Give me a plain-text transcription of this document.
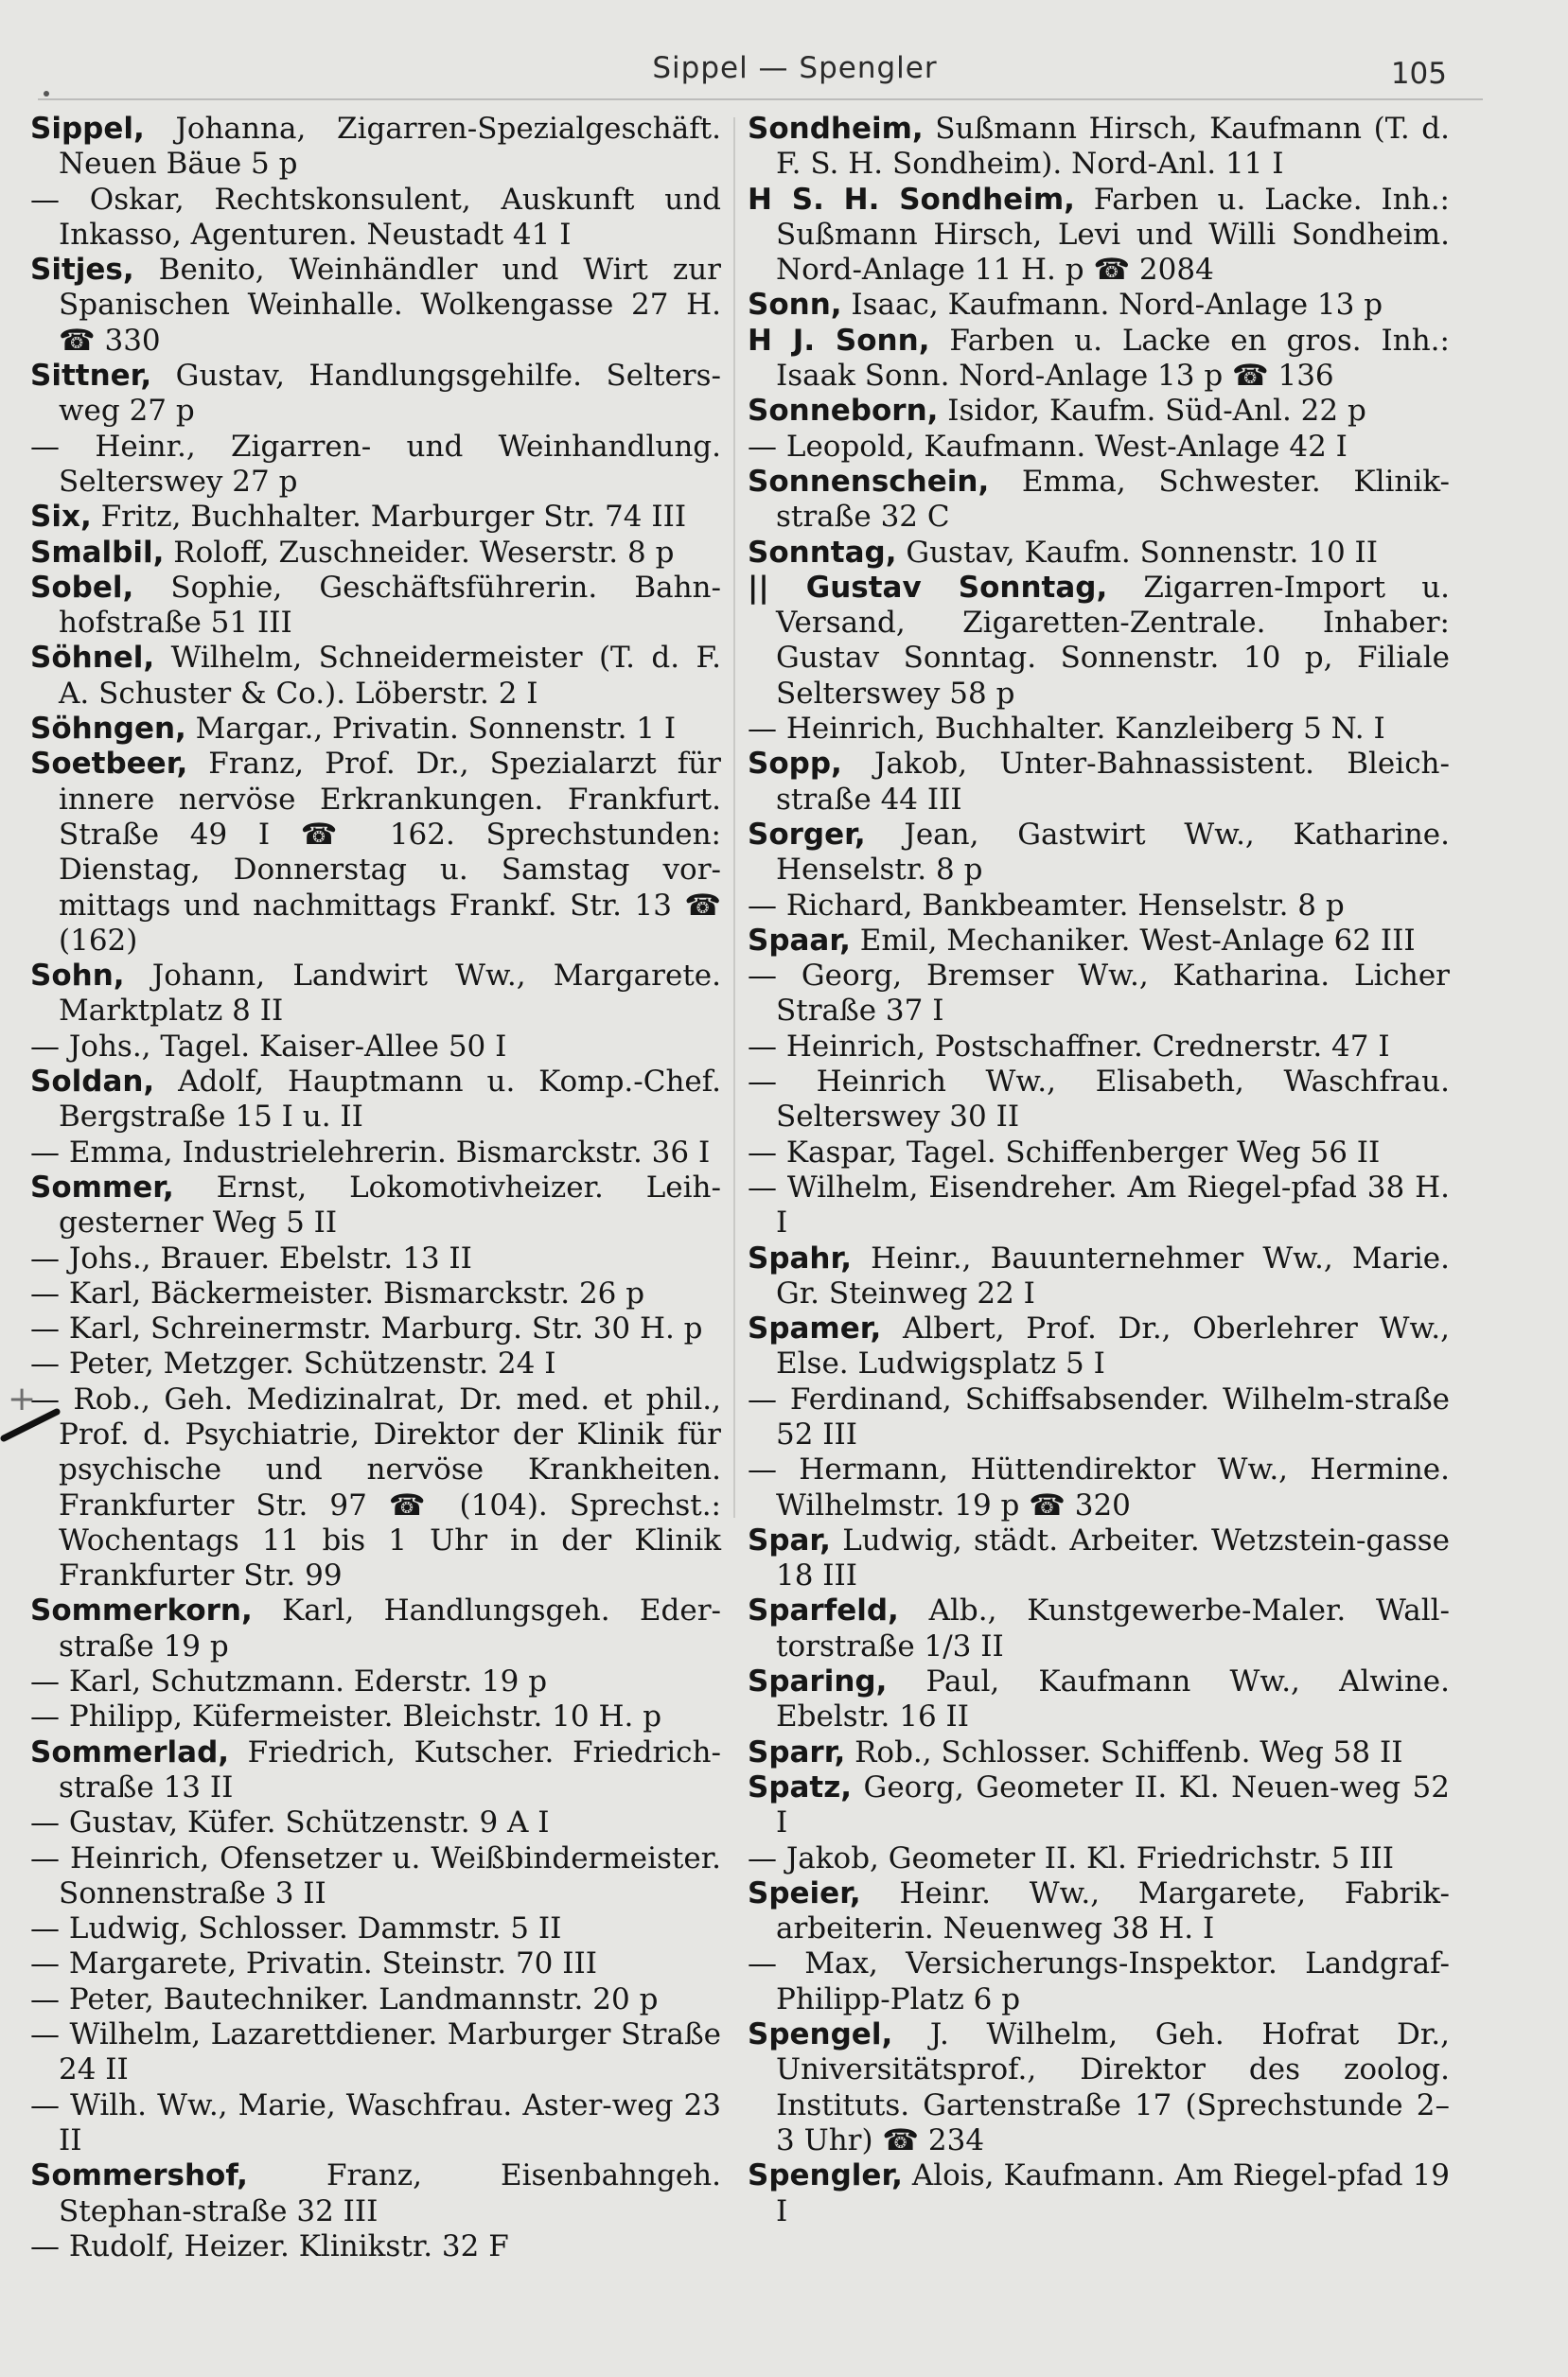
Sippel — Spengler	105

Sippel, Johanna, Zigarren-Spezialgeschäft. Neuen Bäue 5 p

— Oskar, Rechtskonsulent, Auskunft und Inkasso, Agenturen. Neustadt 41 I

Sitjes, Benito, Weinhändler und Wirt zur Spanischen Weinhalle. Wolkengasse 27 H. ☎ 330

Sittner, Gustav, Handlungsgehilfe. Selters-weg 27 p

— Heinr., Zigarren- und Weinhandlung. Selterswey 27 p

Six, Fritz, Buchhalter. Marburger Str. 74 III

Smalbil, Roloff, Zuschneider. Weserstr. 8 p

Sobel, Sophie, Geschäftsführerin. Bahn-hofstraße 51 III

Söhnel, Wilhelm, Schneidermeister (T. d. F. A. Schuster & Co.). Löberstr. 2 I

Söhngen, Margar., Privatin. Sonnenstr. 1 I

Soetbeer, Franz, Prof. Dr., Spezialarzt für innere nervöse Erkrankungen. Frankfurt. Straße 49 I ☎ 162. Sprechstunden: Dienstag, Donnerstag u. Samstag vor-mittags und nachmittags Frankf. Str. 13 ☎ (162)

Sohn, Johann, Landwirt Ww., Margarete. Marktplatz 8 II

— Johs., Tagel. Kaiser-Allee 50 I

Soldan, Adolf, Hauptmann u. Komp.-Chef. Bergstraße 15 I u. II

— Emma, Industrielehrerin. Bismarckstr. 36 I

Sommer, Ernst, Lokomotivheizer. Leih-gesterner Weg 5 II

— Johs., Brauer. Ebelstr. 13 II

— Karl, Bäckermeister. Bismarckstr. 26 p

— Karl, Schreinermstr. Marburg. Str. 30 H. p

— Peter, Metzger. Schützenstr. 24 I

— Rob., Geh. Medizinalrat, Dr. med. et phil., Prof. d. Psychiatrie, Direktor der Klinik für psychische und nervöse Krankheiten. Frankfurter Str. 97 ☎ (104). Sprechst.: Wochentags 11 bis 1 Uhr in der Klinik Frankfurter Str. 99

Sommerkorn, Karl, Handlungsgeh. Eder-straße 19 p

— Karl, Schutzmann. Ederstr. 19 p

— Philipp, Küfermeister. Bleichstr. 10 H. p

Sommerlad, Friedrich, Kutscher. Friedrich-straße 13 II

— Gustav, Küfer. Schützenstr. 9 A I

— Heinrich, Ofensetzer u. Weißbindermeister. Sonnenstraße 3 II

— Ludwig, Schlosser. Dammstr. 5 II

— Margarete, Privatin. Steinstr. 70 III

— Peter, Bautechniker. Landmannstr. 20 p

— Wilhelm, Lazarettdiener. Marburger Straße 24 II

— Wilh. Ww., Marie, Waschfrau. Aster-weg 23 II

Sommershof, Franz, Eisenbahngeh. Stephan-straße 32 III

— Rudolf, Heizer. Klinikstr. 32 F

Sondheim, Sußmann Hirsch, Kaufmann (T. d. F. S. H. Sondheim). Nord-Anl. 11 I

H S. H. Sondheim, Farben u. Lacke. Inh.: Sußmann Hirsch, Levi und Willi Sondheim. Nord-Anlage 11 H. p ☎ 2084

Sonn, Isaac, Kaufmann. Nord-Anlage 13 p

H J. Sonn, Farben u. Lacke en gros. Inh.: Isaak Sonn. Nord-Anlage 13 p ☎ 136

Sonneborn, Isidor, Kaufm. Süd-Anl. 22 p

— Leopold, Kaufmann. West-Anlage 42 I

Sonnenschein, Emma, Schwester. Klinik-straße 32 C

Sonntag, Gustav, Kaufm. Sonnenstr. 10 II

|| Gustav Sonntag, Zigarren-Import u. Versand, Zigaretten-Zentrale. Inhaber: Gustav Sonntag. Sonnenstr. 10 p, Filiale Selterswey 58 p

— Heinrich, Buchhalter. Kanzleiberg 5 N. I

Sopp, Jakob, Unter-Bahnassistent. Bleich-straße 44 III

Sorger, Jean, Gastwirt Ww., Katharine. Henselstr. 8 p

— Richard, Bankbeamter. Henselstr. 8 p

Spaar, Emil, Mechaniker. West-Anlage 62 III

— Georg, Bremser Ww., Katharina. Licher Straße 37 I

— Heinrich, Postschaffner. Crednerstr. 47 I

— Heinrich Ww., Elisabeth, Waschfrau. Selterswey 30 II

— Kaspar, Tagel. Schiffenberger Weg 56 II

— Wilhelm, Eisendreher. Am Riegel-pfad 38 H. I

Spahr, Heinr., Bauunternehmer Ww., Marie. Gr. Steinweg 22 I

Spamer, Albert, Prof. Dr., Oberlehrer Ww., Else. Ludwigsplatz 5 I

— Ferdinand, Schiffsabsender. Wilhelm-straße 52 III

— Hermann, Hüttendirektor Ww., Hermine. Wilhelmstr. 19 p ☎ 320

Spar, Ludwig, städt. Arbeiter. Wetzstein-gasse 18 III

Sparfeld, Alb., Kunstgewerbe-Maler. Wall-torstraße 1/3 II

Sparing, Paul, Kaufmann Ww., Alwine. Ebelstr. 16 II

Sparr, Rob., Schlosser. Schiffenb. Weg 58 II

Spatz, Georg, Geometer II. Kl. Neuen-weg 52 I

— Jakob, Geometer II. Kl. Friedrichstr. 5 III

Speier, Heinr. Ww., Margarete, Fabrik-arbeiterin. Neuenweg 38 H. I

— Max, Versicherungs-Inspektor. Landgraf-Philipp-Platz 6 p

Spengel, J. Wilhelm, Geh. Hofrat Dr., Universitätsprof., Direktor des zoolog. Instituts. Gartenstraße 17 (Sprechstunde 2–3 Uhr) ☎ 234

Spengler, Alois, Kaufmann. Am Riegel-pfad 19 I

+
